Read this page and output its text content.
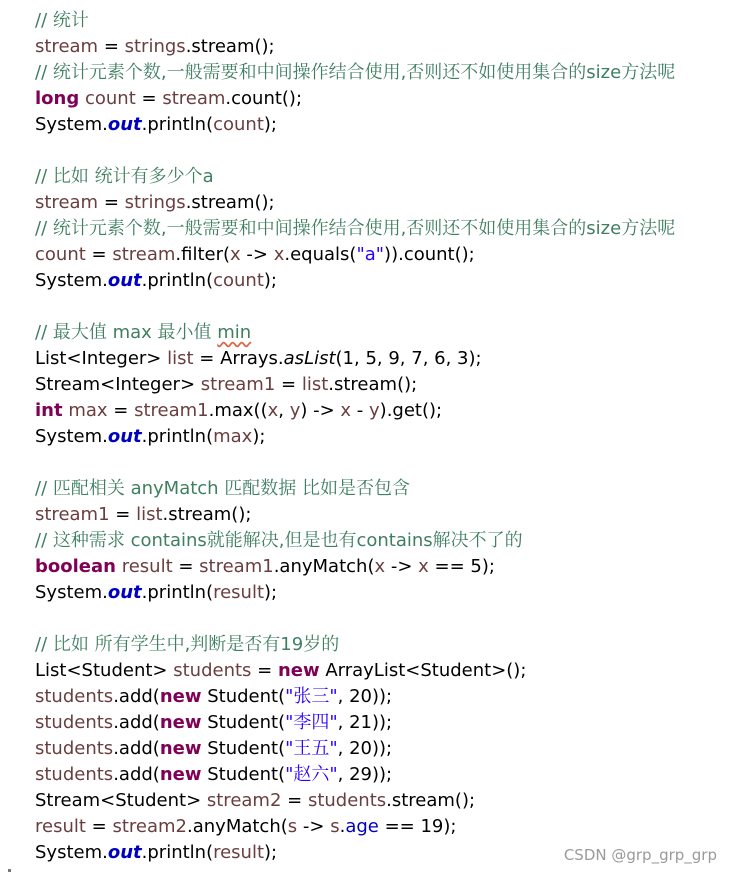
// 统计
stream = strings.stream();
// 统计元素个数,一般需要和中间操作结合使用,否则还不如使用集合的size方法呢
long count = stream.count();
System.out.println(count);

// 比如 统计有多少个a
stream = strings.stream();
// 统计元素个数,一般需要和中间操作结合使用,否则还不如使用集合的size方法呢
count = stream.filter(x -> x.equals("a")).count();
System.out.println(count);

// 最大值 max 最小值 min
List<Integer> list = Arrays.asList(1, 5, 9, 7, 6, 3);
Stream<Integer> stream1 = list.stream();
int max = stream1.max((x, y) -> x - y).get();
System.out.println(max);

// 匹配相关 anyMatch 匹配数据 比如是否包含
stream1 = list.stream();
// 这种需求 contains就能解决,但是也有contains解决不了的
boolean result = stream1.anyMatch(x -> x == 5);
System.out.println(result);

// 比如 所有学生中,判断是否有19岁的
List<Student> students = new ArrayList<Student>();
students.add(new Student("张三", 20));
students.add(new Student("李四", 21));
students.add(new Student("王五", 20));
students.add(new Student("赵六", 29));
Stream<Student> stream2 = students.stream();
result = stream2.anyMatch(s -> s.age == 19);
System.out.println(result);	CSDN @grp_grp_grp
